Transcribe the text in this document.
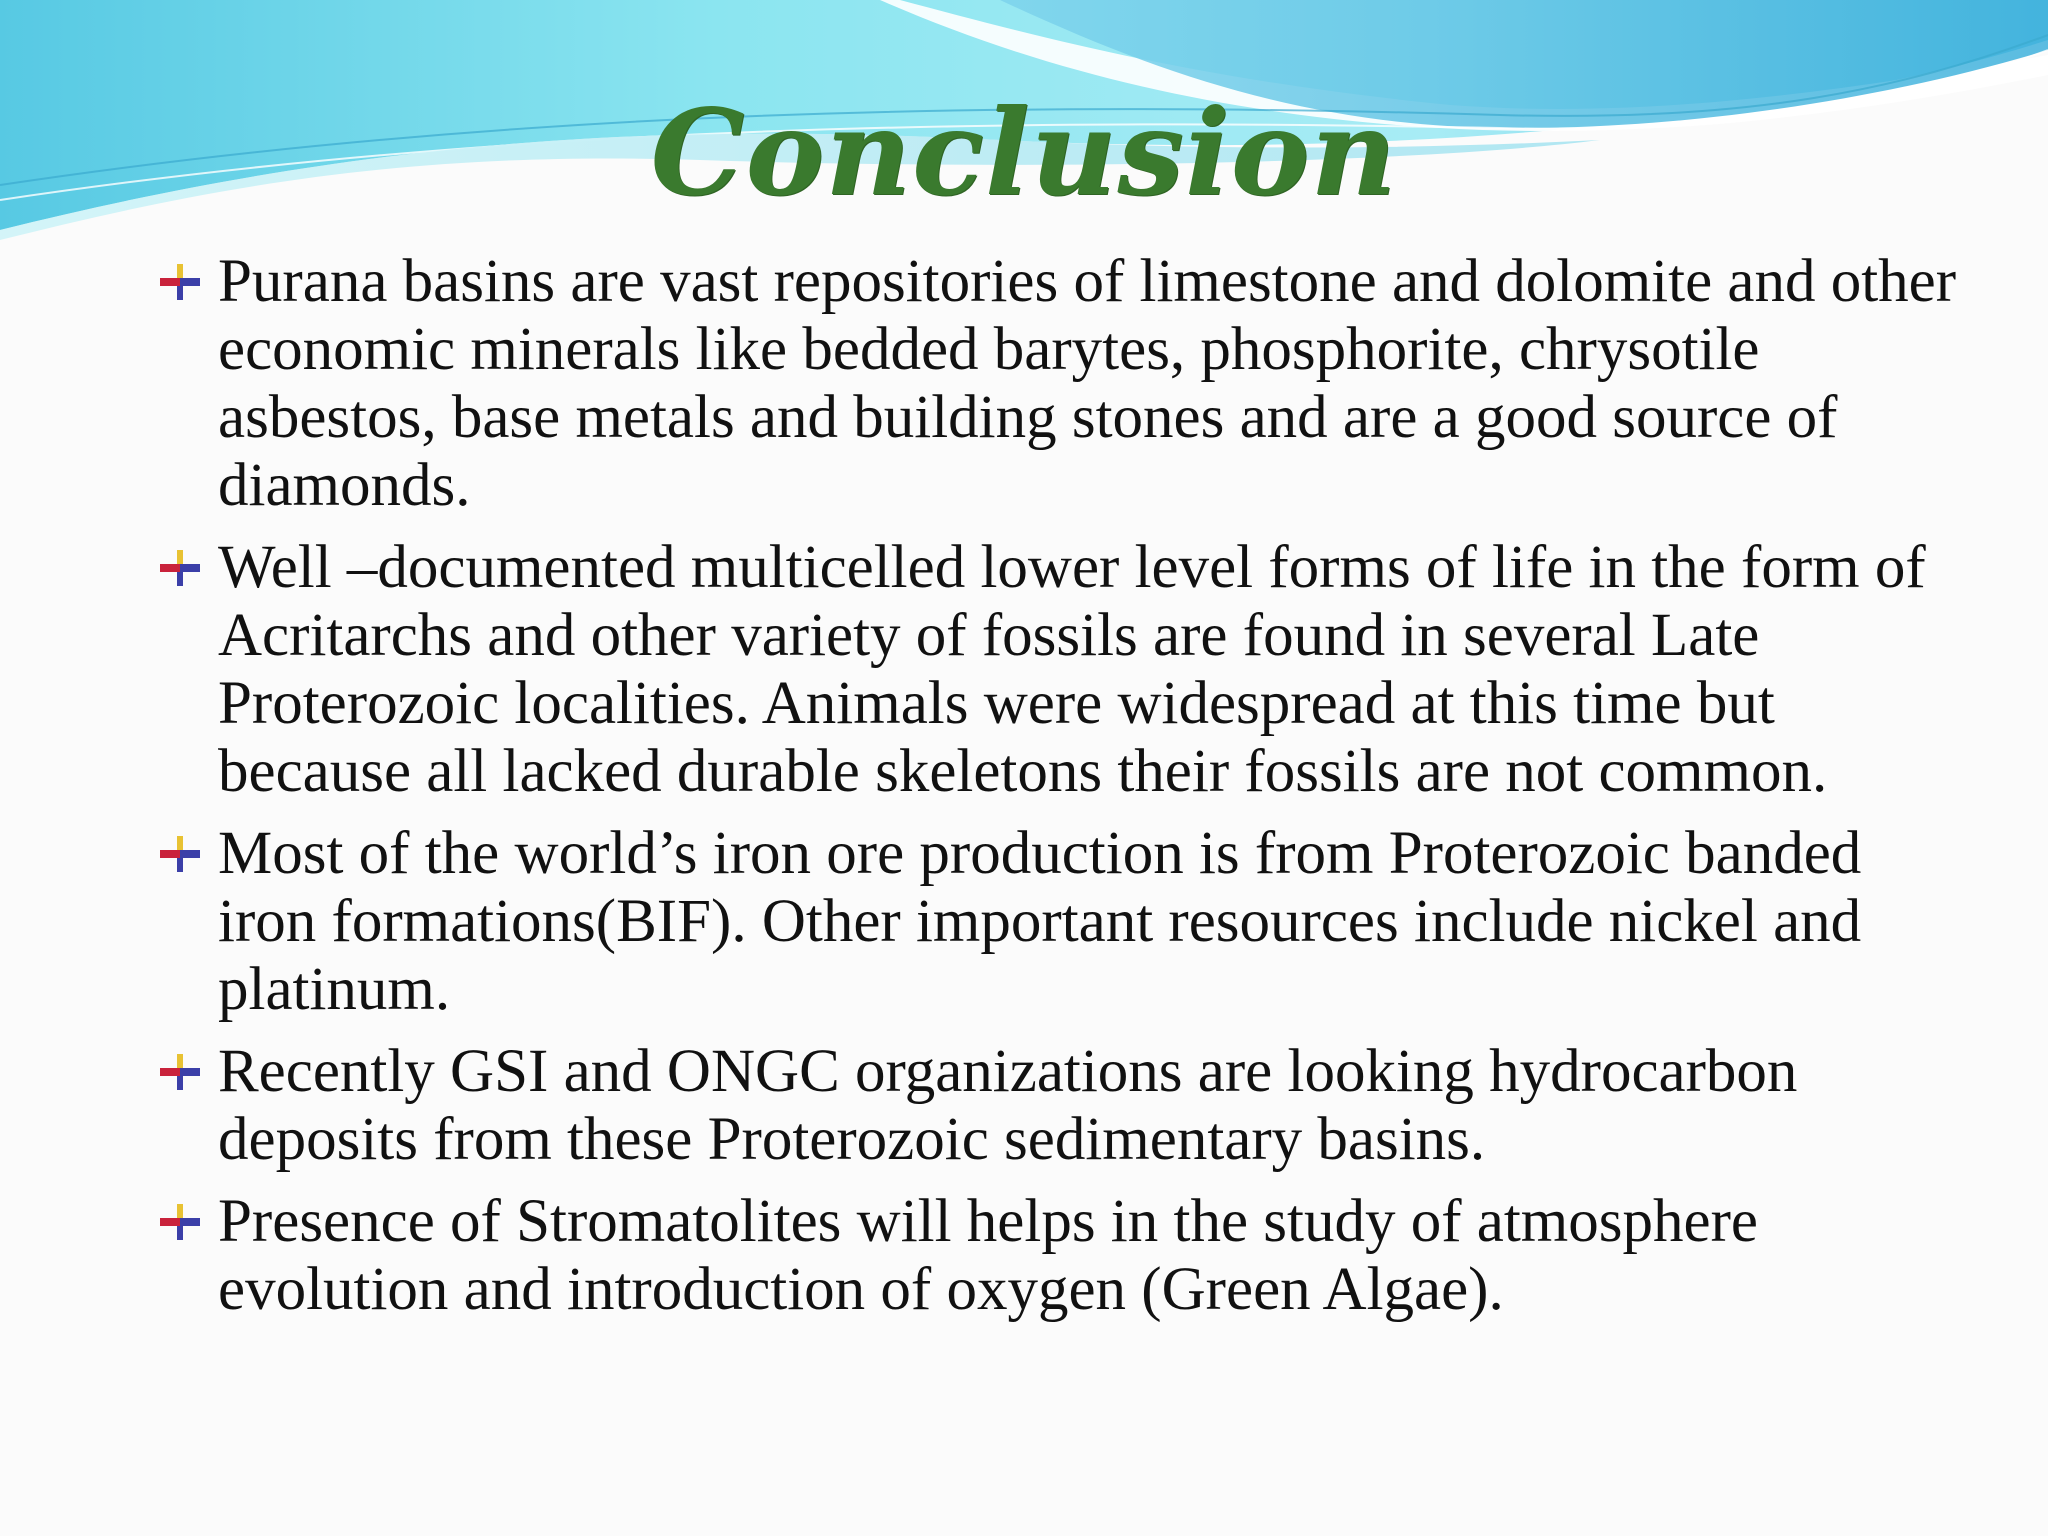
Conclusion
Purana basins are vast repositories of limestone and dolomite and other economic minerals like bedded barytes, phosphorite, chrysotile asbestos, base metals and building stones and are a good source of diamonds.
Well –documented multicelled lower level forms of life in the form of Acritarchs and other variety of fossils are found in several Late Proterozoic localities. Animals were widespread at this time but because all lacked durable skeletons their fossils are not common.
Most of the world’s iron ore production is from Proterozoic banded iron formations(BIF). Other important resources include nickel and platinum.
Recently GSI and ONGC organizations are looking hydrocarbon deposits from these Proterozoic sedimentary basins.
Presence of Stromatolites will helps in the study of atmosphere evolution and introduction of oxygen (Green Algae).
